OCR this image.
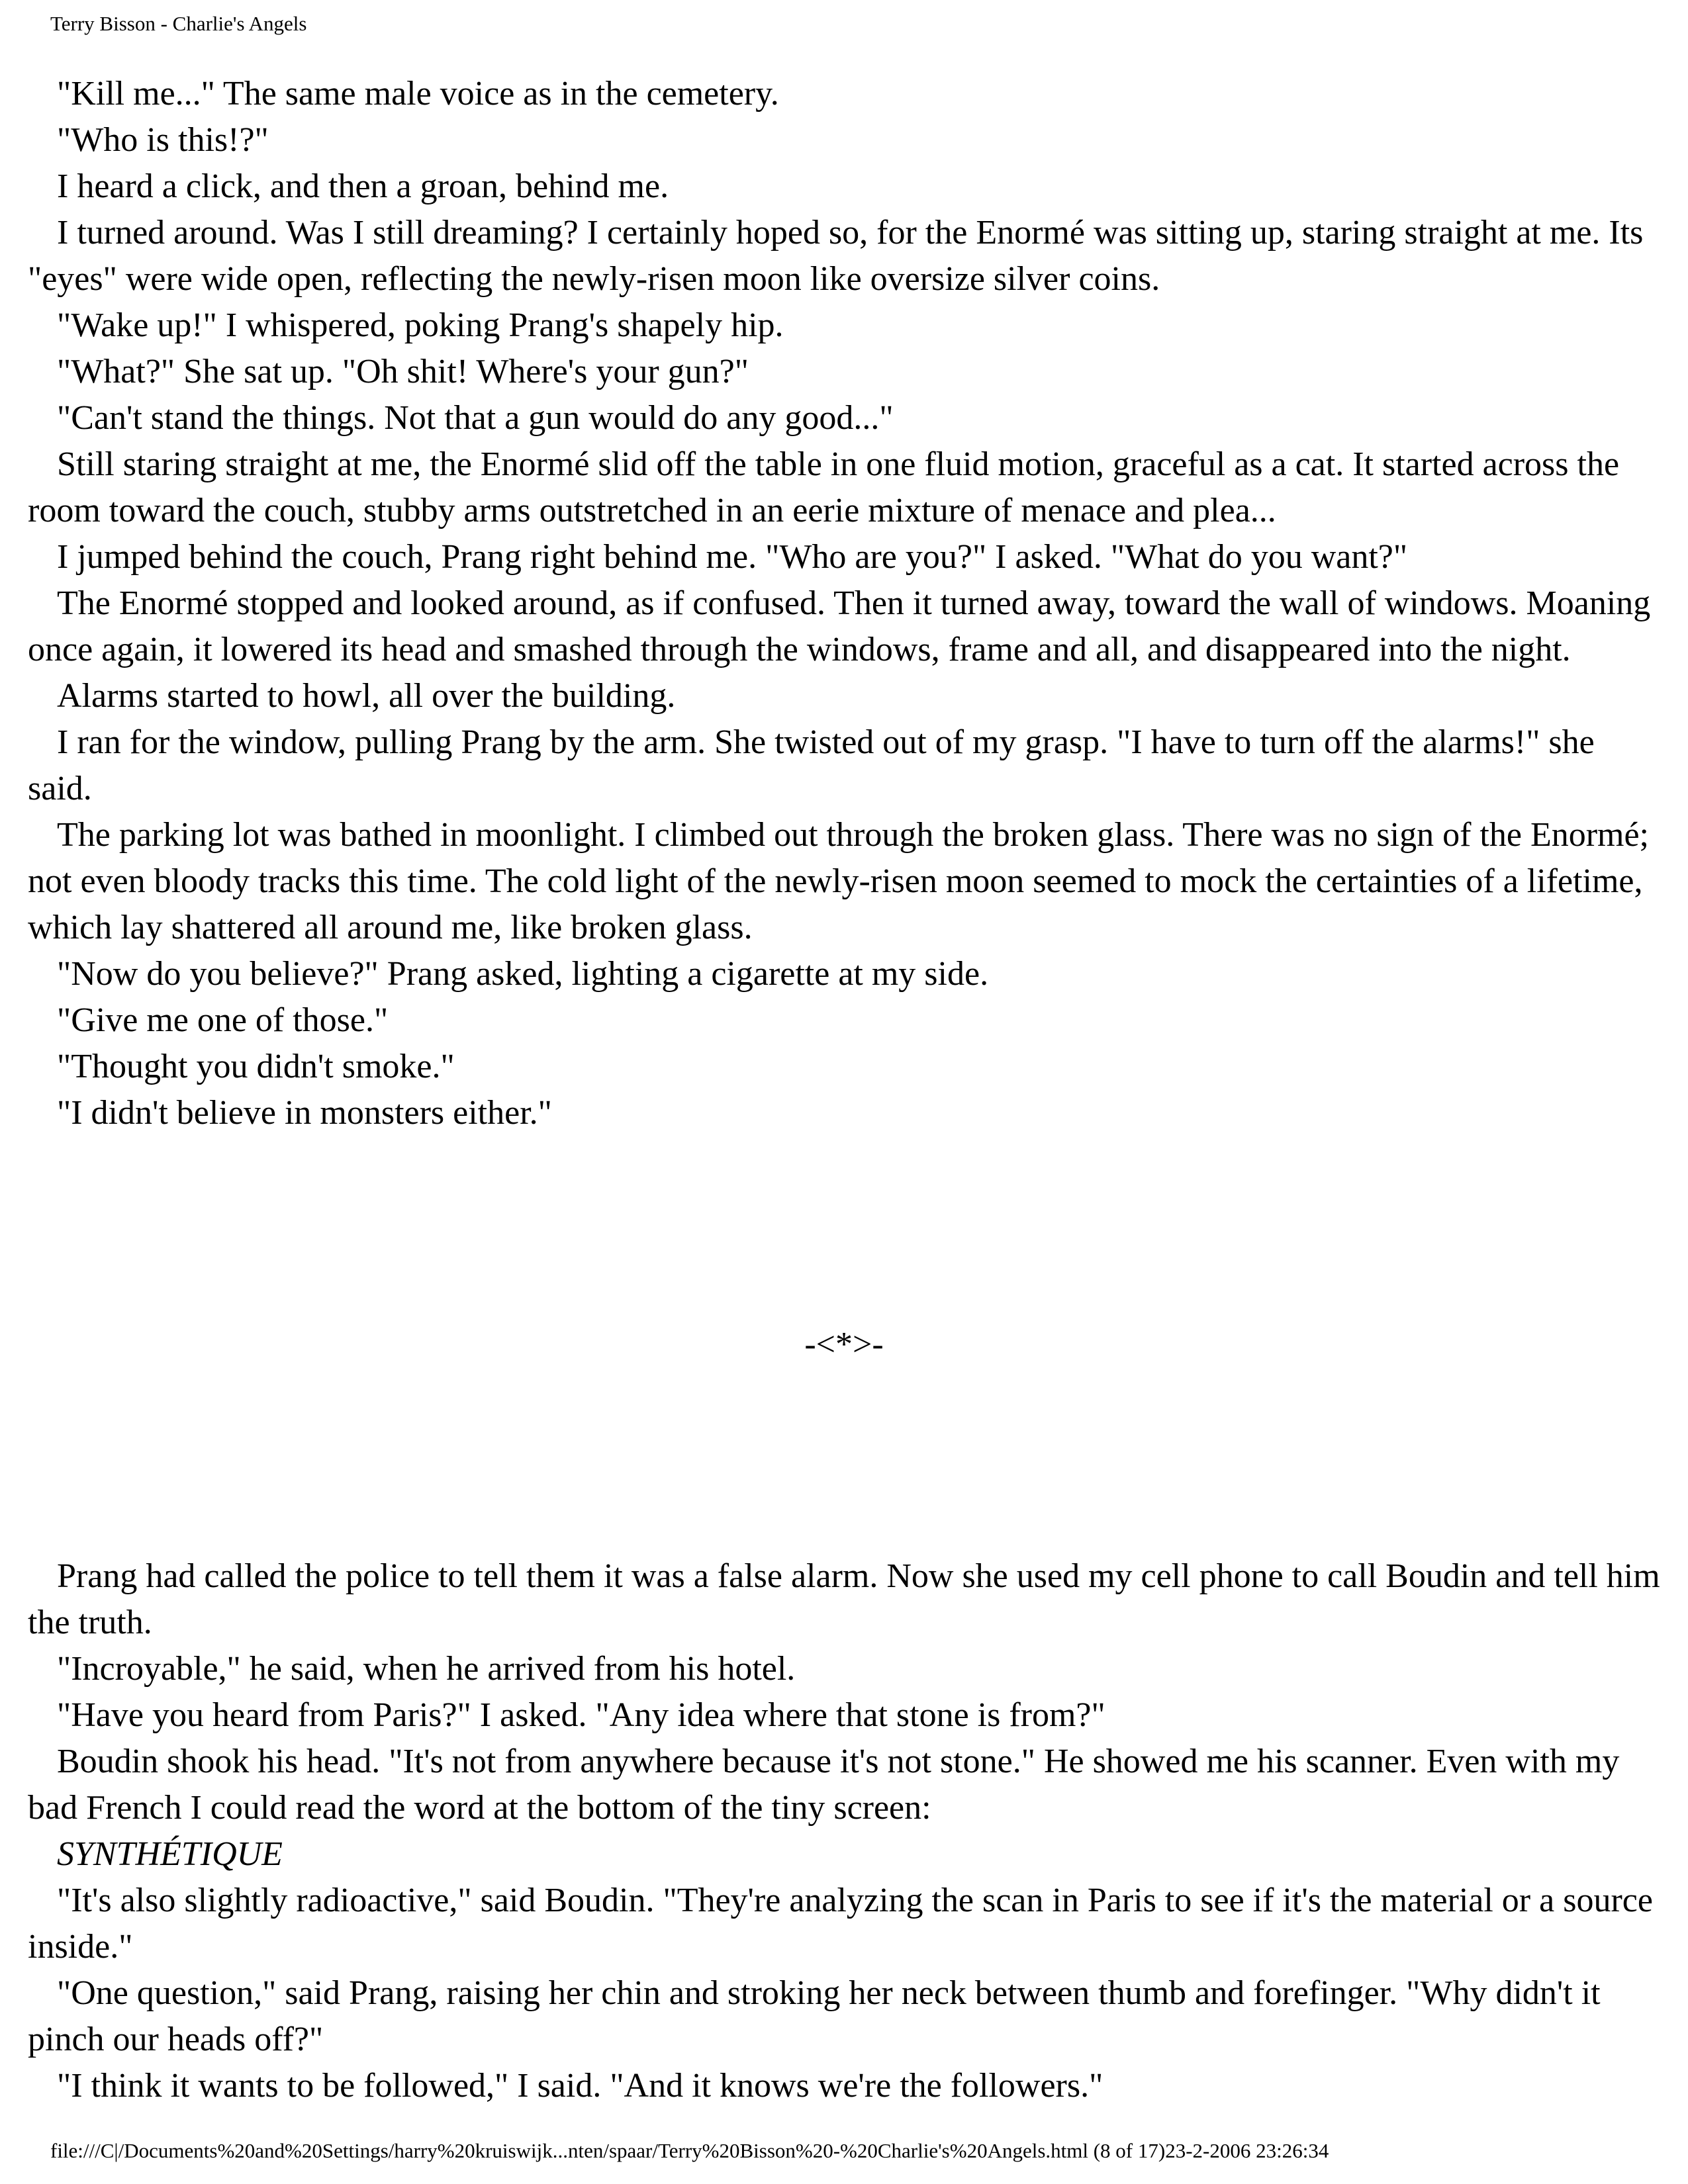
Terry Bisson - Charlie's Angels

"Kill me..." The same male voice as in the cemetery.

"Who is this!?"

I heard a click, and then a groan, behind me.

I turned around. Was I still dreaming? I certainly hoped so, for the Enormé was sitting up, staring straight at me. Its "eyes" were wide open, reflecting the newly-risen moon like oversize silver coins.

"Wake up!" I whispered, poking Prang's shapely hip.

"What?" She sat up. "Oh shit! Where's your gun?"

"Can't stand the things. Not that a gun would do any good..."

Still staring straight at me, the Enormé slid off the table in one fluid motion, graceful as a cat. It started across the room toward the couch, stubby arms outstretched in an eerie mixture of menace and plea...

I jumped behind the couch, Prang right behind me. "Who are you?" I asked. "What do you want?"

The Enormé stopped and looked around, as if confused. Then it turned away, toward the wall of windows. Moaning once again, it lowered its head and smashed through the windows, frame and all, and disappeared into the night.

Alarms started to howl, all over the building.

I ran for the window, pulling Prang by the arm. She twisted out of my grasp. "I have to turn off the alarms!" she said.

The parking lot was bathed in moonlight. I climbed out through the broken glass. There was no sign of the Enormé; not even bloody tracks this time. The cold light of the newly-risen moon seemed to mock the certainties of a lifetime, which lay shattered all around me, like broken glass.

"Now do you believe?" Prang asked, lighting a cigarette at my side.

"Give me one of those."

"Thought you didn't smoke."

"I didn't believe in monsters either."

-<*>-

Prang had called the police to tell them it was a false alarm. Now she used my cell phone to call Boudin and tell him the truth.

"Incroyable," he said, when he arrived from his hotel.

"Have you heard from Paris?" I asked. "Any idea where that stone is from?"

Boudin shook his head. "It's not from anywhere because it's not stone." He showed me his scanner. Even with my bad French I could read the word at the bottom of the tiny screen:

SYNTHÉTIQUE

"It's also slightly radioactive," said Boudin. "They're analyzing the scan in Paris to see if it's the material or a source inside."

"One question," said Prang, raising her chin and stroking her neck between thumb and forefinger. "Why didn't it pinch our heads off?"

"I think it wants to be followed," I said. "And it knows we're the followers."

file:///C|/Documents%20and%20Settings/harry%20kruiswijk...nten/spaar/Terry%20Bisson%20-%20Charlie's%20Angels.html (8 of 17)23-2-2006 23:26:34
